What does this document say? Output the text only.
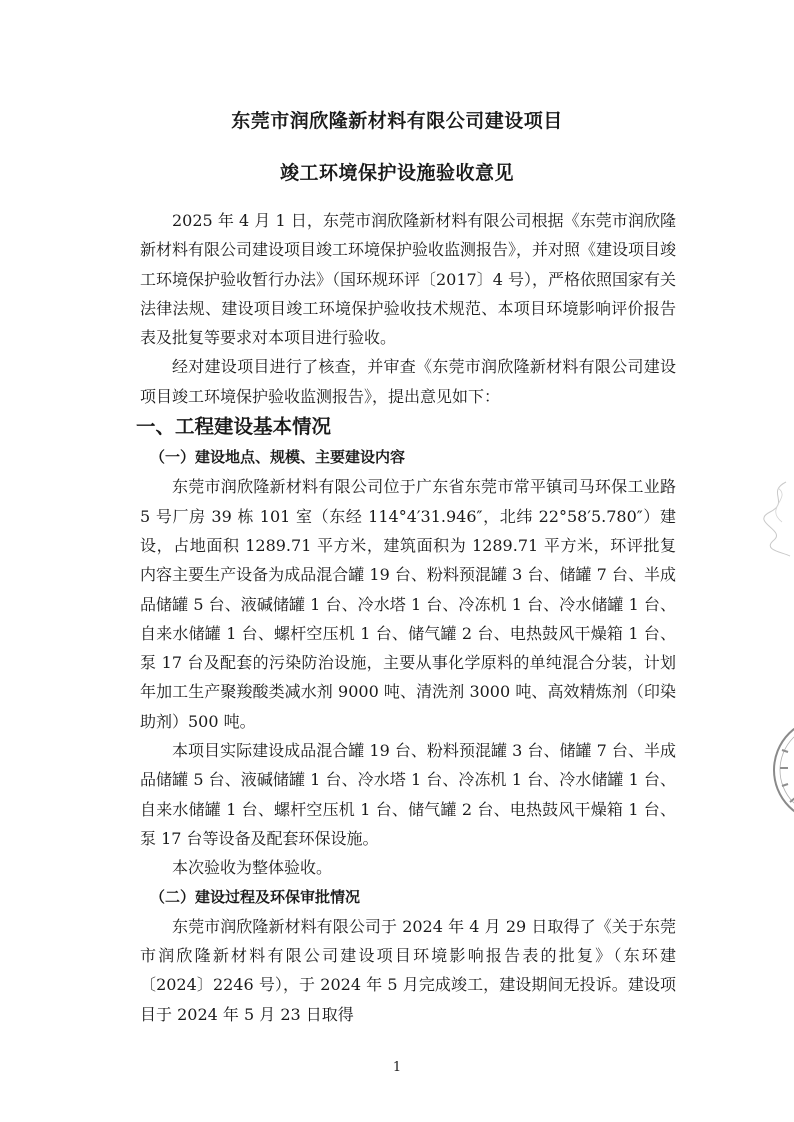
东莞市润欣隆新材料有限公司建设项目
竣工环境保护设施验收意见

2025 年 4 月 1 日，东莞市润欣隆新材料有限公司根据《东莞市润欣隆新材料有限公司建设项目竣工环境保护验收监测报告》，并对照《建设项目竣工环境保护验收暂行办法》（国环规环评〔2017〕4 号），严格依照国家有关法律法规、建设项目竣工环境保护验收技术规范、本项目环境影响评价报告表及批复等要求对本项目进行验收。

经对建设项目进行了核查，并审查《东莞市润欣隆新材料有限公司建设项目竣工环境保护验收监测报告》，提出意见如下：

一、工程建设基本情况
（一）建设地点、规模、主要建设内容

东莞市润欣隆新材料有限公司位于广东省东莞市常平镇司马环保工业路 5 号厂房 39 栋 101 室（东经 114°4′31.946″，北纬 22°58′5.780″）建设，占地面积 1289.71 平方米，建筑面积为 1289.71 平方米，环评批复内容主要生产设备为成品混合罐 19 台、粉料预混罐 3 台、储罐 7 台、半成品储罐 5 台、液碱储罐 1 台、冷水塔 1 台、冷冻机 1 台、冷水储罐 1 台、自来水储罐 1 台、螺杆空压机 1 台、储气罐 2 台、电热鼓风干燥箱 1 台、泵 17 台及配套的污染防治设施，主要从事化学原料的单纯混合分装，计划年加工生产聚羧酸类减水剂 9000 吨、清洗剂 3000 吨、高效精炼剂（印染助剂）500 吨。

本项目实际建设成品混合罐 19 台、粉料预混罐 3 台、储罐 7 台、半成品储罐 5 台、液碱储罐 1 台、冷水塔 1 台、冷冻机 1 台、冷水储罐 1 台、自来水储罐 1 台、螺杆空压机 1 台、储气罐 2 台、电热鼓风干燥箱 1 台、泵 17 台等设备及配套环保设施。

本次验收为整体验收。

（二）建设过程及环保审批情况

东莞市润欣隆新材料有限公司于 2024 年 4 月 29 日取得了《关于东莞市润欣隆新材料有限公司建设项目环境影响报告表的批复》（东环建〔2024〕2246 号），于 2024 年 5 月完成竣工，建设期间无投诉。建设项目于 2024 年 5 月 23 日取得

1
